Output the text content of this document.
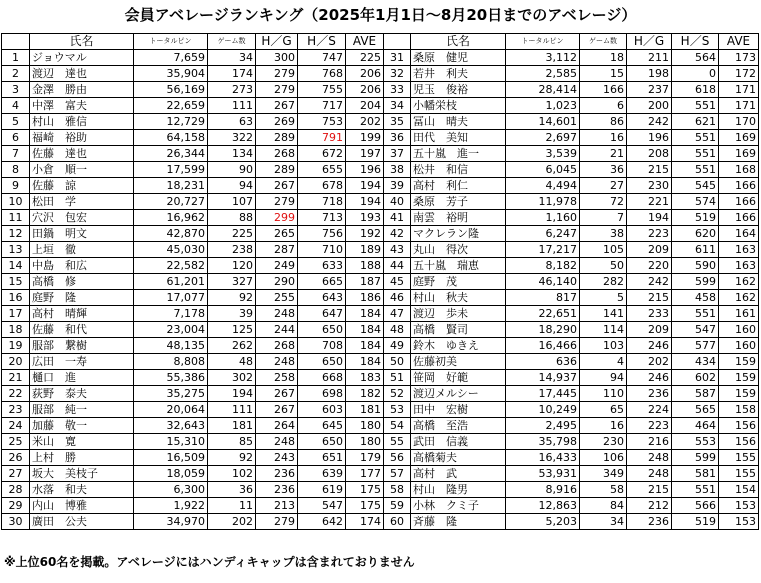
会員アベレージランキング（2025年1月1日～8月20日までのアベレージ）
	氏名	トータルピン	ゲーム数	H／G	H／S	AVE		氏名	トータルピン	ゲーム数	H／G	H／S	AVE
1	ジョウマル	7,659	34	300	747	225	31	桑原　健児	3,112	18	211	564	173
2	渡辺　達也	35,904	174	279	768	206	32	若井　利夫	2,585	15	198	0	172
3	金澤　勝由	56,169	273	279	755	206	33	児玉　俊裕	28,414	166	237	618	171
4	中澤　富夫	22,659	111	267	717	204	34	小幡栄枝	1,023	6	200	551	171
5	村山　雅信	12,729	63	269	753	202	35	冨山　晴夫	14,601	86	242	621	170
6	福崎　裕助	64,158	322	289	791	199	36	田代　美知	2,697	16	196	551	169
7	佐藤　達也	26,344	134	268	672	197	37	五十嵐　進一	3,539	21	208	551	169
8	小倉　順一	17,599	90	289	655	196	38	松井　和信	6,045	36	215	551	168
9	佐藤　諒	18,231	94	267	678	194	39	高村　利仁	4,494	27	230	545	166
10	松田　学	20,727	107	279	718	194	40	桑原　芳子	11,978	72	221	574	166
11	穴沢　包宏	16,962	88	299	713	193	41	南雲　裕明	1,160	7	194	519	166
12	田鍋　明文	42,870	225	265	756	192	42	マクレラン隆	6,247	38	223	620	164
13	上垣　徹	45,030	238	287	710	189	43	丸山　得次	17,217	105	209	611	163
14	中島　和広	22,582	120	249	633	188	44	五十嵐　瑞恵	8,182	50	220	590	163
15	高橋　修	61,201	327	290	665	187	45	庭野　茂	46,140	282	242	599	162
16	庭野　隆	17,077	92	255	643	186	46	村山　秋夫	817	5	215	458	162
17	高村　晴輝	7,178	39	248	647	184	47	渡辺　歩未	22,651	141	233	551	161
18	佐藤　和代	23,004	125	244	650	184	48	高橋　賢司	18,290	114	209	547	160
19	服部　繋樹	48,135	262	268	708	184	49	鈴木　ゆきえ	16,466	103	246	577	160
20	広田　一寿	8,808	48	248	650	184	50	佐藤初美	636	4	202	434	159
21	樋口　進	55,386	302	258	668	183	51	笹岡　好範	14,937	94	246	602	159
22	荻野　泰夫	35,275	194	267	698	182	52	渡辺メルシー	17,445	110	236	587	159
23	服部　純一	20,064	111	267	603	181	53	田中　宏樹	10,249	65	224	565	158
24	加藤　敬一	32,643	181	264	645	180	54	高橋　至浩	2,495	16	223	464	156
25	米山　寛	15,310	85	248	650	180	55	武田　信義	35,798	230	216	553	156
26	上村　勝	16,509	92	243	651	179	56	高橋菊夫	16,433	106	248	599	155
27	坂大　美枝子	18,059	102	236	639	177	57	高村　武	53,931	349	248	581	155
28	水落　和夫	6,300	36	236	619	175	58	村山　隆男	8,916	58	215	551	154
29	内山　博雅	1,922	11	213	547	175	59	小林　クミ子	12,863	84	212	566	153
30	廣田　公夫	34,970	202	279	642	174	60	斉藤　隆	5,203	34	236	519	153
※上位60名を掲載。アベレージにはハンディキャップは含まれておりません
